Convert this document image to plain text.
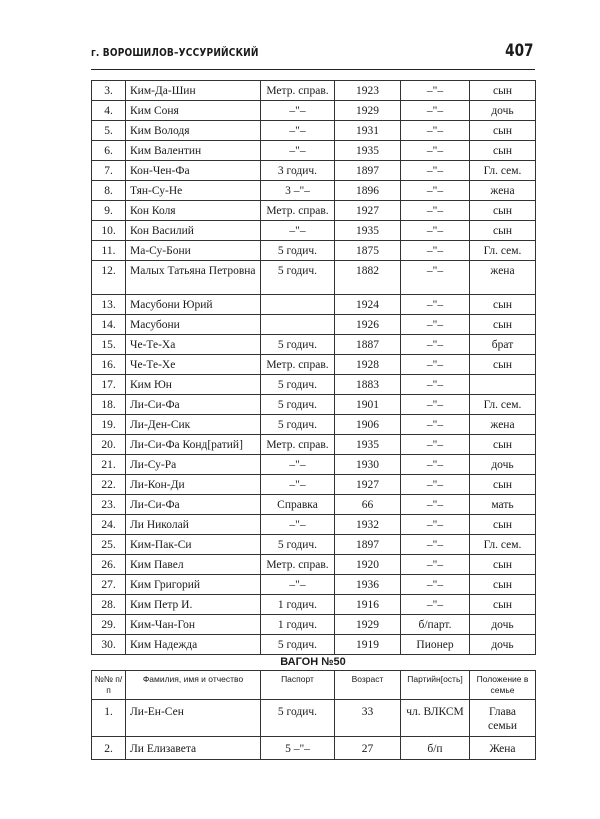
г. ВОРОШИЛОВ–УССУРИЙСКИЙ	407
3.	Ким-Да-Шин	Метр. справ.	1923	–"–	сын
4.	Ким Соня	–"–	1929	–"–	дочь
5.	Ким Володя	–"–	1931	–"–	сын
6.	Ким Валентин	–"–	1935	–"–	сын
7.	Кон-Чен-Фа	3 годич.	1897	–"–	Гл. сем.
8.	Тян-Су-Не	3 –"–	1896	–"–	жена
9.	Кон Коля	Метр. справ.	1927	–"–	сын
10.	Кон Василий	–"–	1935	–"–	сын
11.	Ма-Су-Бони	5 годич.	1875	–"–	Гл. сем.
12.	Малых Татьяна Петровна	5 годич.	1882	–"–	жена
13.	Масубони Юрий		1924	–"–	сын
14.	Масубони		1926	–"–	сын
15.	Че-Те-Ха	5 годич.	1887	–"–	брат
16.	Че-Те-Хе	Метр. справ.	1928	–"–	сын
17.	Ким Юн	5 годич.	1883	–"–	
18.	Ли-Си-Фа	5 годич.	1901	–"–	Гл. сем.
19.	Ли-Ден-Сик	5 годич.	1906	–"–	жена
20.	Ли-Си-Фа Конд[ратий]	Метр. справ.	1935	–"–	сын
21.	Ли-Су-Ра	–"–	1930	–"–	дочь
22.	Ли-Кон-Ди	–"–	1927	–"–	сын
23.	Ли-Си-Фа	Справка	66	–"–	мать
24.	Ли Николай	–"–	1932	–"–	сын
25.	Ким-Пак-Си	5 годич.	1897	–"–	Гл. сем.
26.	Ким Павел	Метр. справ.	1920	–"–	сын
27.	Ким Григорий	–"–	1936	–"–	сын
28.	Ким Петр И.	1 годич.	1916	–"–	сын
29.	Ким-Чан-Гон	1 годич.	1929	б/парт.	дочь
30.	Ким Надежда	5 годич.	1919	Пионер	дочь
ВАГОН №50
№№ п/п	Фамилия, имя и отчество	Паспорт	Возраст	Партийн[ость]	Положение в семье
1.	Ли-Ен-Сен	5 годич.	33	чл. ВЛКСМ	Глава семьи
2.	Ли Елизавета	5 –"–	27	б/п	Жена
